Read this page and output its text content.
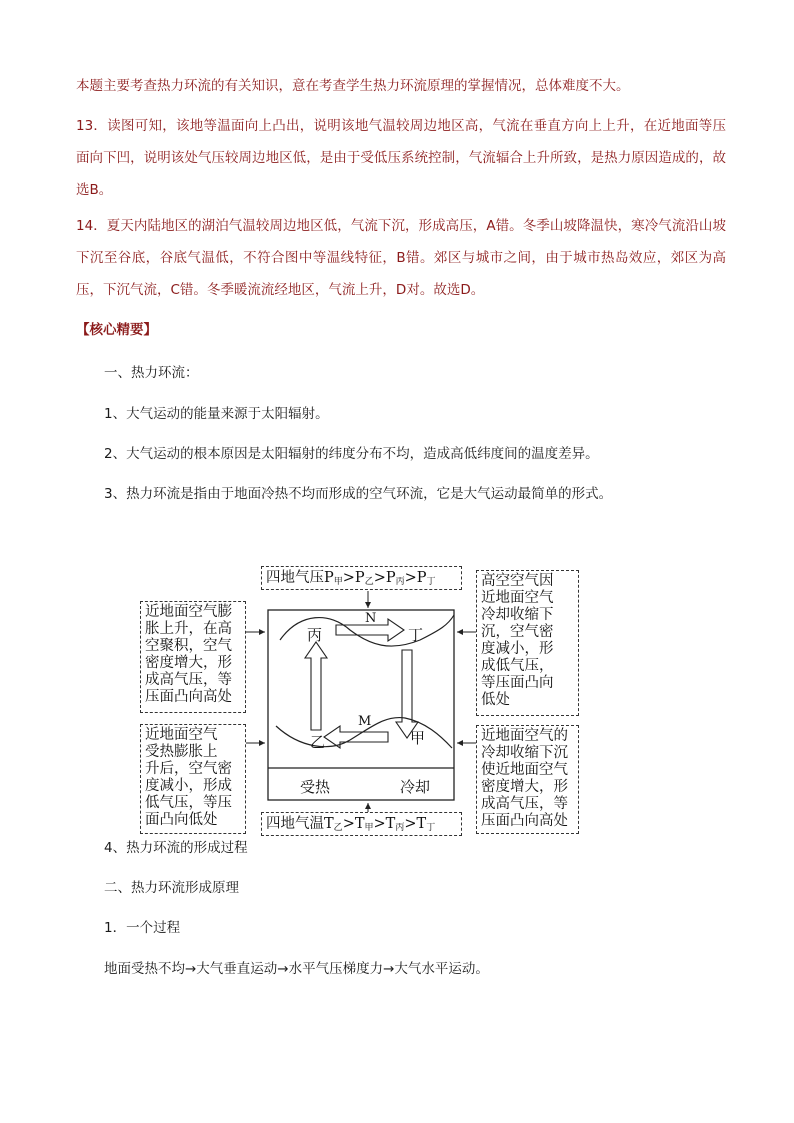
本题主要考查热力环流的有关知识，意在考查学生热力环流原理的掌握情况，总体难度不大。

13．读图可知，该地等温面向上凸出，说明该地气温较周边地区高，气流在垂直方向上上升，在近地面等压面向下凹，说明该处气压较周边地区低，是由于受低压系统控制，气流辐合上升所致，是热力原因造成的，故选B。

14．夏天内陆地区的湖泊气温较周边地区低，气流下沉，形成高压，A错。冬季山坡降温快，寒冷气流沿山坡下沉至谷底，谷底气温低，不符合图中等温线特征，B错。郊区与城市之间，由于城市热岛效应，郊区为高压，下沉气流，C错。冬季暖流流经地区，气流上升，D对。故选D。

【核心精要】

一、热力环流：

1、大气运动的能量来源于太阳辐射。

2、大气运动的根本原因是太阳辐射的纬度分布不均，造成高低纬度间的温度差异。

3、热力环流是指由于地面冷热不均而形成的空气环流，它是大气运动最简单的形式。

四地气压$P_甲>P_乙>P_丙>P_丁$
四地气温$T_乙>T_甲>T_丙>T_丁$
近地面空气膨
胀上升，在高
空聚积，空气
密度增大，形
成高气压，等
压面凸向高处
近地面空气
受热膨胀上
升后，空气密
度减小，形成
低气压，等压
面凸向低处
高空空气因
近地面空气
冷却收缩下
沉，空气密
度减小，形
成低气压，
等压面凸向
低处
近地面空气的
冷却收缩下沉
使近地面空气
密度增大，形
成高气压，等
压面凸向高处
丙	丁
乙	甲
N
M
受热	冷却

4、热力环流的形成过程

二、热力环流形成原理

1．一个过程

地面受热不均→大气垂直运动→水平气压梯度力→大气水平运动。
